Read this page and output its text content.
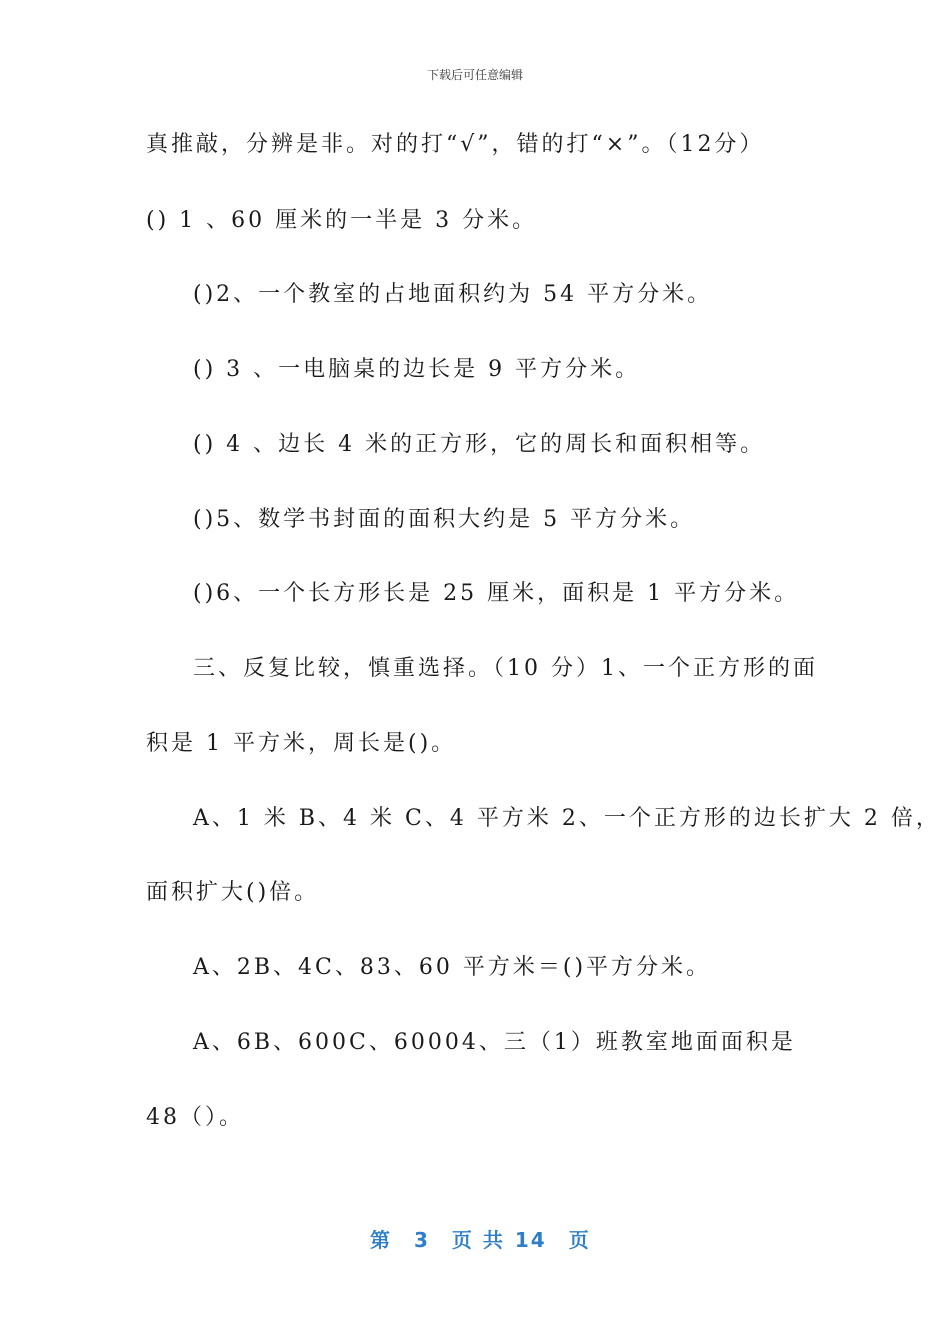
下载后可任意编辑
真推敲，分辨是非。对的打“√”，错的打“×”。（12分）
() 1 、60 厘米的一半是 3 分米。
()2、一个教室的占地面积约为 54 平方分米。
() 3 、一电脑桌的边长是 9 平方分米。
() 4 、边长 4 米的正方形，它的周长和面积相等。
()5、数学书封面的面积大约是 5 平方分米。
()6、一个长方形长是 25 厘米，面积是 1 平方分米。
三、反复比较，慎重选择。（10 分）1、一个正方形的面
积是 1 平方米，周长是()。
A、1 米 B、4 米 C、4 平方米 2、一个正方形的边长扩大 2 倍，
面积扩大()倍。
A、2B、4C、83、60 平方米＝()平方分米。
A、6B、600C、60004、三（1）班教室地面面积是
48（）。
第 3 页 共 14 页
